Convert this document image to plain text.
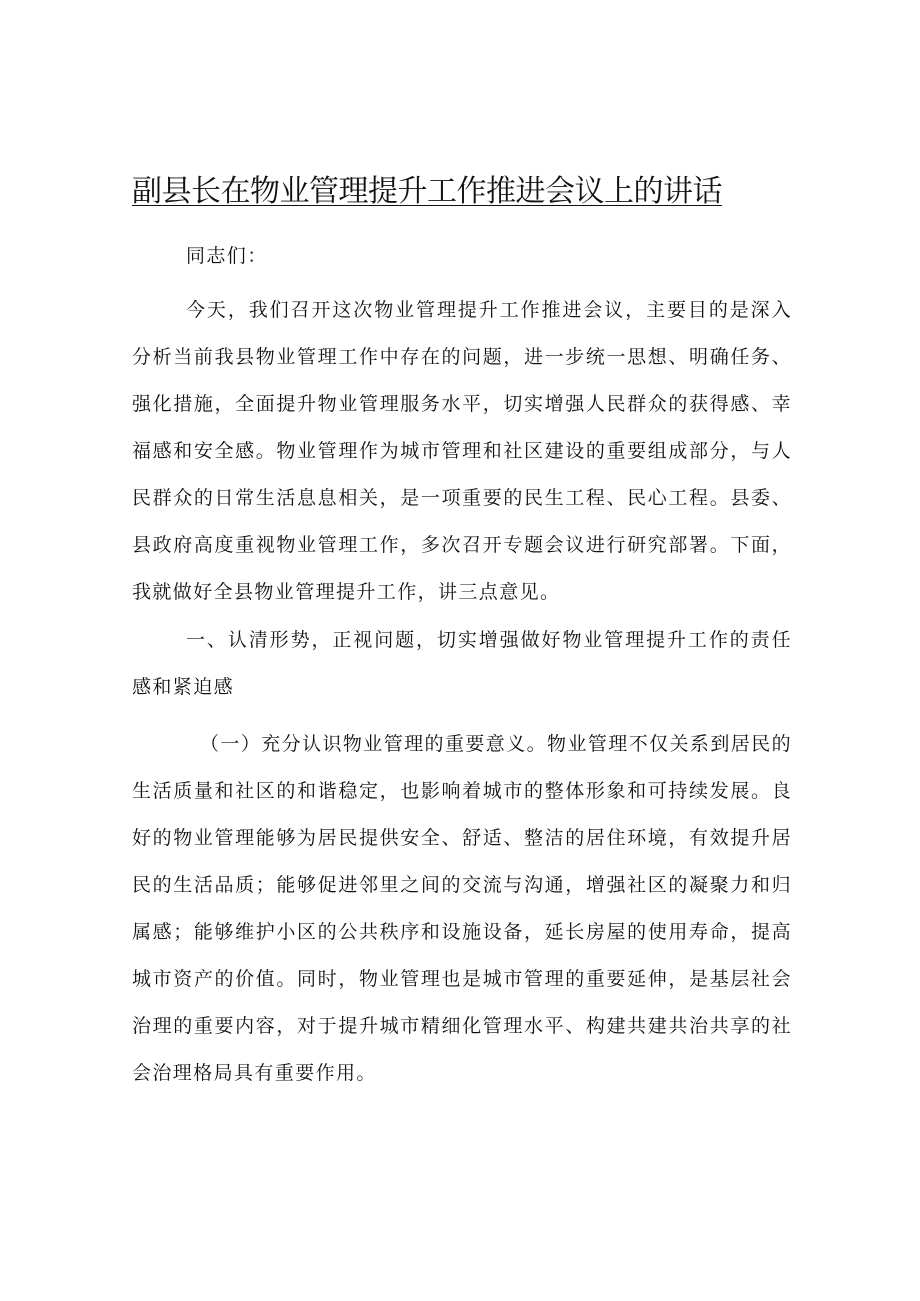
副县长在物业管理提升工作推进会议上的讲话

同志们：

今天，我们召开这次物业管理提升工作推进会议，主要目的是深入分析当前我县物业管理工作中存在的问题，进一步统一思想、明确任务、强化措施，全面提升物业管理服务水平，切实增强人民群众的获得感、幸福感和安全感。物业管理作为城市管理和社区建设的重要组成部分，与人民群众的日常生活息息相关，是一项重要的民生工程、民心工程。县委、县政府高度重视物业管理工作，多次召开专题会议进行研究部署。下面，我就做好全县物业管理提升工作，讲三点意见。

一、认清形势，正视问题，切实增强做好物业管理提升工作的责任感和紧迫感

（一）充分认识物业管理的重要意义。物业管理不仅关系到居民的生活质量和社区的和谐稳定，也影响着城市的整体形象和可持续发展。良好的物业管理能够为居民提供安全、舒适、整洁的居住环境，有效提升居民的生活品质；能够促进邻里之间的交流与沟通，增强社区的凝聚力和归属感；能够维护小区的公共秩序和设施设备，延长房屋的使用寿命，提高城市资产的价值。同时，物业管理也是城市管理的重要延伸，是基层社会治理的重要内容，对于提升城市精细化管理水平、构建共建共治共享的社会治理格局具有重要作用。
